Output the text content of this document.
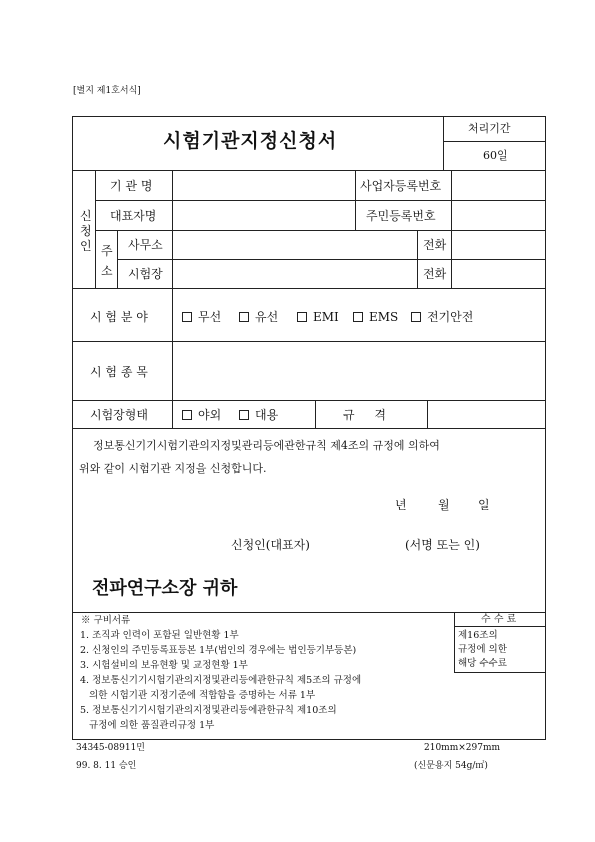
[별지 제1호서식]
시험기관지정신청서
처리기간
60일
신
청
인
기 관 명	사업자등록번호
대표자명	주민등록번호
주
소
사무소	전화
시험장	전화
시 험 분 야	무선	유선	EMI	EMS	전기안전
시 험 종 목
시험장형태	야외	대용	규 격
정보통신기기시험기관의지정및관리등에관한규칙 제4조의 규정에 의하여
위와 같이 시험기관 지정을 신청합니다.
년	월 일
신청인(대표자)	(서명 또는 인)
전파연구소장 귀하
※ 구비서류
1. 조직과 인력이 포함된 일반현황 1부
2. 신청인의 주민등록표등본 1부(법인의 경우에는 법인등기부등본)
3. 시험설비의 보유현황 및 교정현황 1부
4. 정보통신기기시험기관의지정및관리등에관한규칙 제5조의 규정에
의한 시험기관 지정기준에 적합함을 증명하는 서류 1부
5. 정보통신기기시험기관의지정및관리등에관한규칙 제10조의
규정에 의한 품질관리규정 1부
수 수 료
제16조의
규정에 의한
해당 수수료
34345-08911민
99. 8. 11 승인
210mm×297mm
(신문용지 54g/㎡)
